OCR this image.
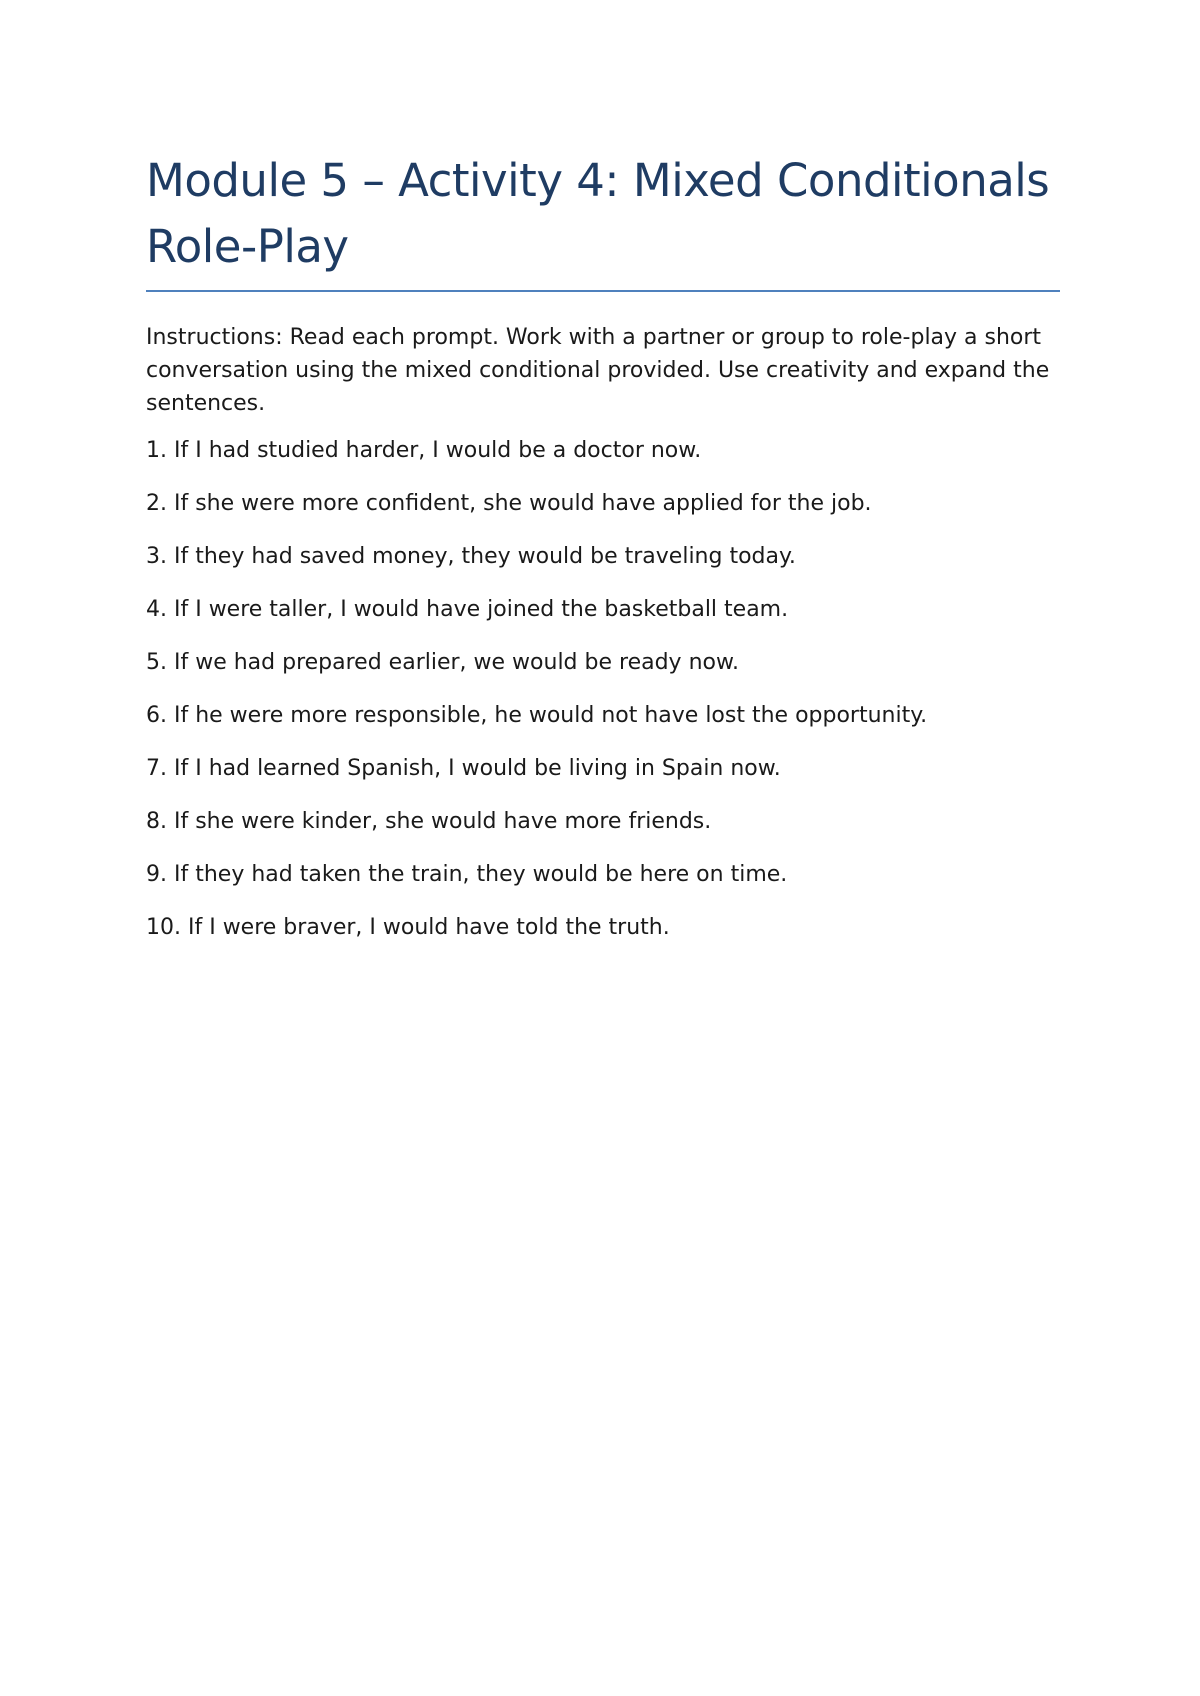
Module 5 – Activity 4: Mixed Conditionals Role-Play

Instructions: Read each prompt. Work with a partner or group to role-play a short conversation using the mixed conditional provided. Use creativity and expand the sentences.

1. If I had studied harder, I would be a doctor now.
2. If she were more confident, she would have applied for the job.
3. If they had saved money, they would be traveling today.
4. If I were taller, I would have joined the basketball team.
5. If we had prepared earlier, we would be ready now.
6. If he were more responsible, he would not have lost the opportunity.
7. If I had learned Spanish, I would be living in Spain now.
8. If she were kinder, she would have more friends.
9. If they had taken the train, they would be here on time.
10. If I were braver, I would have told the truth.
